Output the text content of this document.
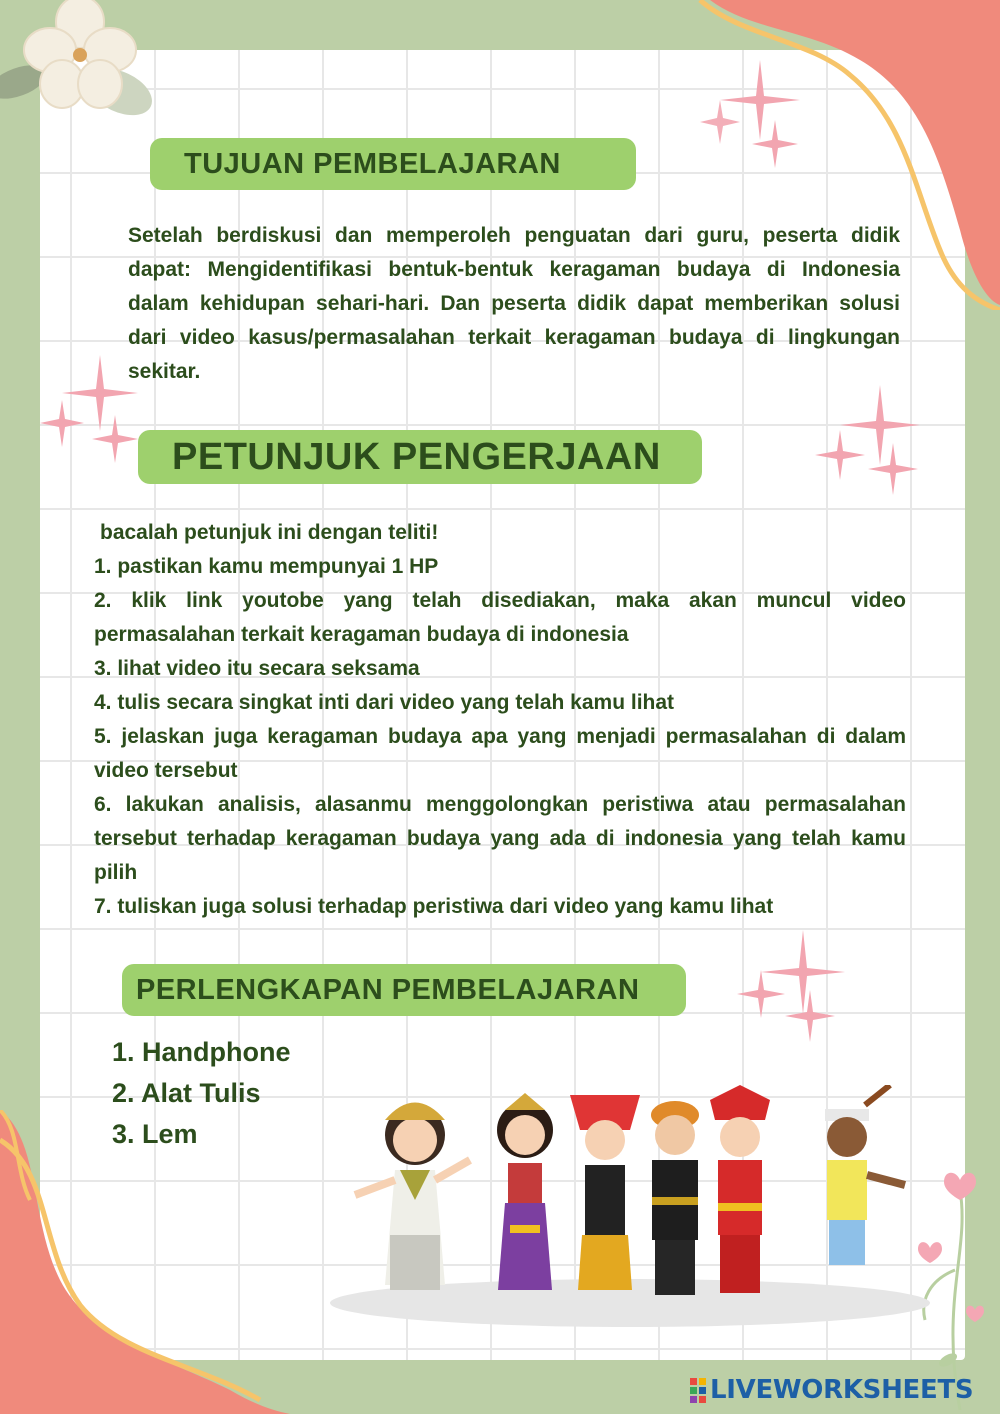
TUJUAN PEMBELAJARAN
Setelah berdiskusi dan memperoleh penguatan dari guru, peserta didik dapat: Mengidentifikasi bentuk-bentuk keragaman budaya di Indonesia dalam kehidupan sehari-hari. Dan peserta didik dapat memberikan solusi dari video kasus/permasalahan terkait keragaman budaya di lingkungan sekitar.
PETUNJUK PENGERJAAN
bacalah petunjuk ini dengan teliti!
1. pastikan kamu mempunyai 1 HP
2. klik link youtobe yang telah disediakan, maka akan muncul video permasalahan terkait keragaman budaya di indonesia
3. lihat video itu secara seksama
4. tulis secara singkat inti dari video yang telah kamu lihat
5. jelaskan juga keragaman budaya apa yang menjadi permasalahan di dalam video tersebut
6. lakukan analisis, alasanmu menggolongkan peristiwa atau permasalahan tersebut terhadap keragaman budaya yang ada di indonesia yang telah kamu pilih
7. tuliskan juga solusi terhadap peristiwa dari video yang kamu lihat
PERLENGKAPAN PEMBELAJARAN
1. Handphone
2. Alat Tulis
3. Lem
LIVEWORKSHEETS
